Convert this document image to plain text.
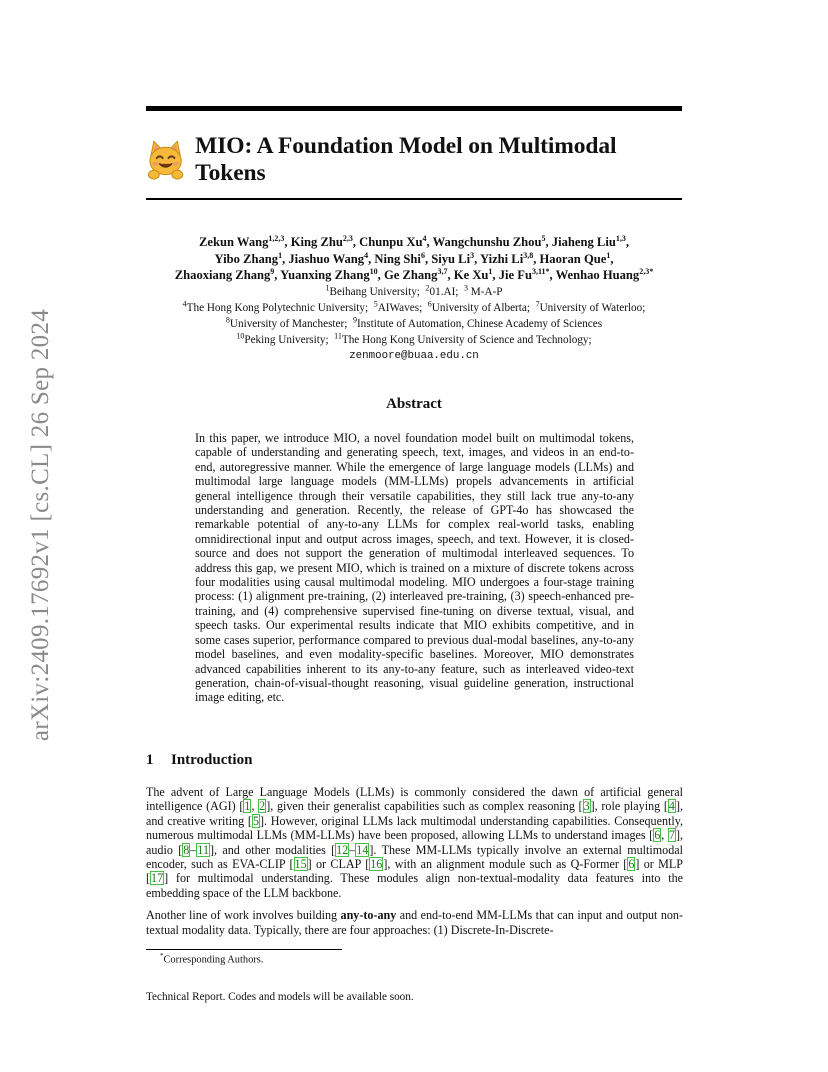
arXiv:2409.17692v1 [cs.CL] 26 Sep 2024
MIO: A Foundation Model on Multimodal Tokens
Zekun Wang$^{1,2,3}$, King Zhu$^{2,3}$, Chunpu Xu$^4$, Wangchunshu Zhou$^5$, Jiaheng Liu$^{1,3}$,
Yibo Zhang$^1$, Jiashuo Wang$^4$, Ning Shi$^6$, Siyu Li$^3$, Yizhi Li$^{3,8}$, Haoran Que$^1$,
Zhaoxiang Zhang$^9$, Yuanxing Zhang$^{10}$, Ge Zhang$^{3,7}$, Ke Xu$^1$, Jie $Fu^{3,11*}$, Wenhao Huang$^{2,3*}$
$^1$Beihang University; $^2$01.AI; $^3$ M-A-P
$^4$The Hong Kong Polytechnic University; $^5$AIWaves; $^6$University of Alberta; $^7$University of Waterloo;
$^8$University of Manchester; $^9$Institute of Automation, Chinese Academy of Sciences
$^{10}$Peking University; $^{11}$The Hong Kong University of Science and Technology;
zenmoore@buaa.edu.cn
Abstract
In this paper, we introduce MIO, a novel foundation model built on multimodal tokens, capable of understanding and generating speech, text, images, and videos in an end-to-end, autoregressive manner. While the emergence of large language models (LLMs) and multimodal large language models (MM-LLMs) propels advancements in artificial general intelligence through their versatile capabilities, they still lack true any-to-any understanding and generation. Recently, the release of GPT-4o has showcased the remarkable potential of any-to-any LLMs for complex real-world tasks, enabling omnidirectional input and output across images, speech, and text. However, it is closed-source and does not support the generation of multimodal interleaved sequences. To address this gap, we present MIO, which is trained on a mixture of discrete tokens across four modalities using causal multimodal modeling. MIO undergoes a four-stage training process: (1) alignment pre-training, (2) interleaved pre-training, (3) speech-enhanced pre-training, and (4) comprehensive supervised fine-tuning on diverse textual, visual, and speech tasks. Our experimental results indicate that MIO exhibits competitive, and in some cases superior, performance compared to previous dual-modal baselines, any-to-any model baselines, and even modality-specific baselines. Moreover, MIO demonstrates advanced capabilities inherent to its any-to-any feature, such as interleaved video-text generation, chain-of-visual-thought reasoning, visual guideline generation, instructional image editing, etc.
1 Introduction

The advent of Large Language Models (LLMs) is commonly considered the dawn of artificial general intelligence (AGI) [1, 2], given their generalist capabilities such as complex reasoning [3], role playing [4], and creative writing [5]. However, original LLMs lack multimodal understanding capabilities. Consequently, numerous multimodal LLMs (MM-LLMs) have been proposed, allowing LLMs to understand images [6, 7], audio [8–11], and other modalities [12–14]. These MM-LLMs typically involve an external multimodal encoder, such as EVA-CLIP [15] or CLAP [16], with an alignment module such as Q-Former [6] or MLP [17] for multimodal understanding. These modules align non-textual-modality data features into the embedding space of the LLM backbone.

Another line of work involves building any-to-any and end-to-end MM-LLMs that can input and output non-textual modality data. Typically, there are four approaches: (1) Discrete-In-Discrete-

*Corresponding Authors.
Technical Report. Codes and models will be available soon.
